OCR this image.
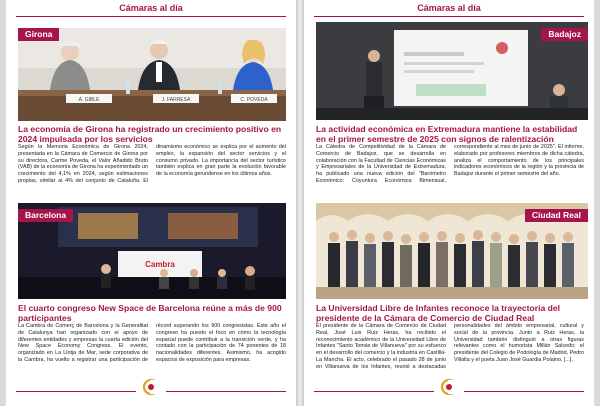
Cámaras al día
A. GIBLE	J. FARRESA	C. POVEDA
Girona
La economía de Girona ha registrado un crecimiento positivo en 2024 impulsada por los servicios
Según la Memoria Económica de Girona 2024, presentada en la Cámara de Comercio de Girona por su directora, Carme Poveda, el Valor Añadido Bruto (VAB) de la economía de Girona ha experimentado un crecimiento del 4,1% en 2024, según estimaciones propias, similar al 4% del conjunto de Cataluña. El dinamismo económico se explica por el aumento del empleo, la expansión del sector servicios y el consumo privado. La importancia del sector turístico también explica en gran parte la evolución favorable de la economía gerundense en los últimos años.
Cambra
Barcelona
El cuarto congreso New Space de Barcelona reúne a más de 900 participantes
La Cambra de Comerç de Barcelona y la Generalitat de Catalunya han organizado con el apoyo de diferentes entidades y empresas la cuarta edición del New Space Economy Congress. El evento, organizado en La Llotja de Mar, sede corporativa de la Cambra, ha vuelto a registrar una participación de récord superando los 900 congresistas. Este año el congreso ha puesto el foco en cómo la tecnología espacial puede contribuir a la transición verde, y ha contado con la participación de 74 ponentes de 18 nacionalidades diferentes. Asimismo, ha acogido espacios de exposición para empresas.
Cámaras al día
Badajoz
La actividad económica en Extremadura mantiene la estabilidad en el primer semestre de 2025 con signos de ralentización
La Cátedra de Competitividad de la Cámara de Comercio de Badajoz, que se desarrolla en colaboración con la Facultad de Ciencias Económicas y Empresariales de la Universidad de Extremadura, ha publicado una nueva edición del "Barómetro Económico: Coyuntura Económica Bimensual, correspondiente al mes de junio de 2025". El informe, elaborado por profesores miembros de dicha cátedra, analiza el comportamiento de los principales indicadores económicos de la región y la provincia de Badajoz durante el primer semestre del año.
Ciudad Real
La Universidad Libre de Infantes reconoce la trayectoria del presidente de la Cámara de Comercio de Ciudad Real
El presidente de la Cámara de Comercio de Ciudad Real, José Luis Ruiz Heras, ha recibido el reconocimiento académico de la Universidad Libre de Infantes "Santo Tomás de Villanueva" por su esfuerzo en el desarrollo del comercio y la industria en Castilla-La Mancha. El acto, celebrado el pasado 28 de junio en Villanueva de los Infantes, reunió a destacadas personalidades del ámbito empresarial, cultural y social de la provincia. Junto a Ruiz Heras, la Universidad también distinguió a otras figuras relevantes como el humorista Millán Salcedo; el presidente del Colegio de Podología de Madrid, Pedro Villalta y el poeta Juan José Guardia Polaino, [...].
